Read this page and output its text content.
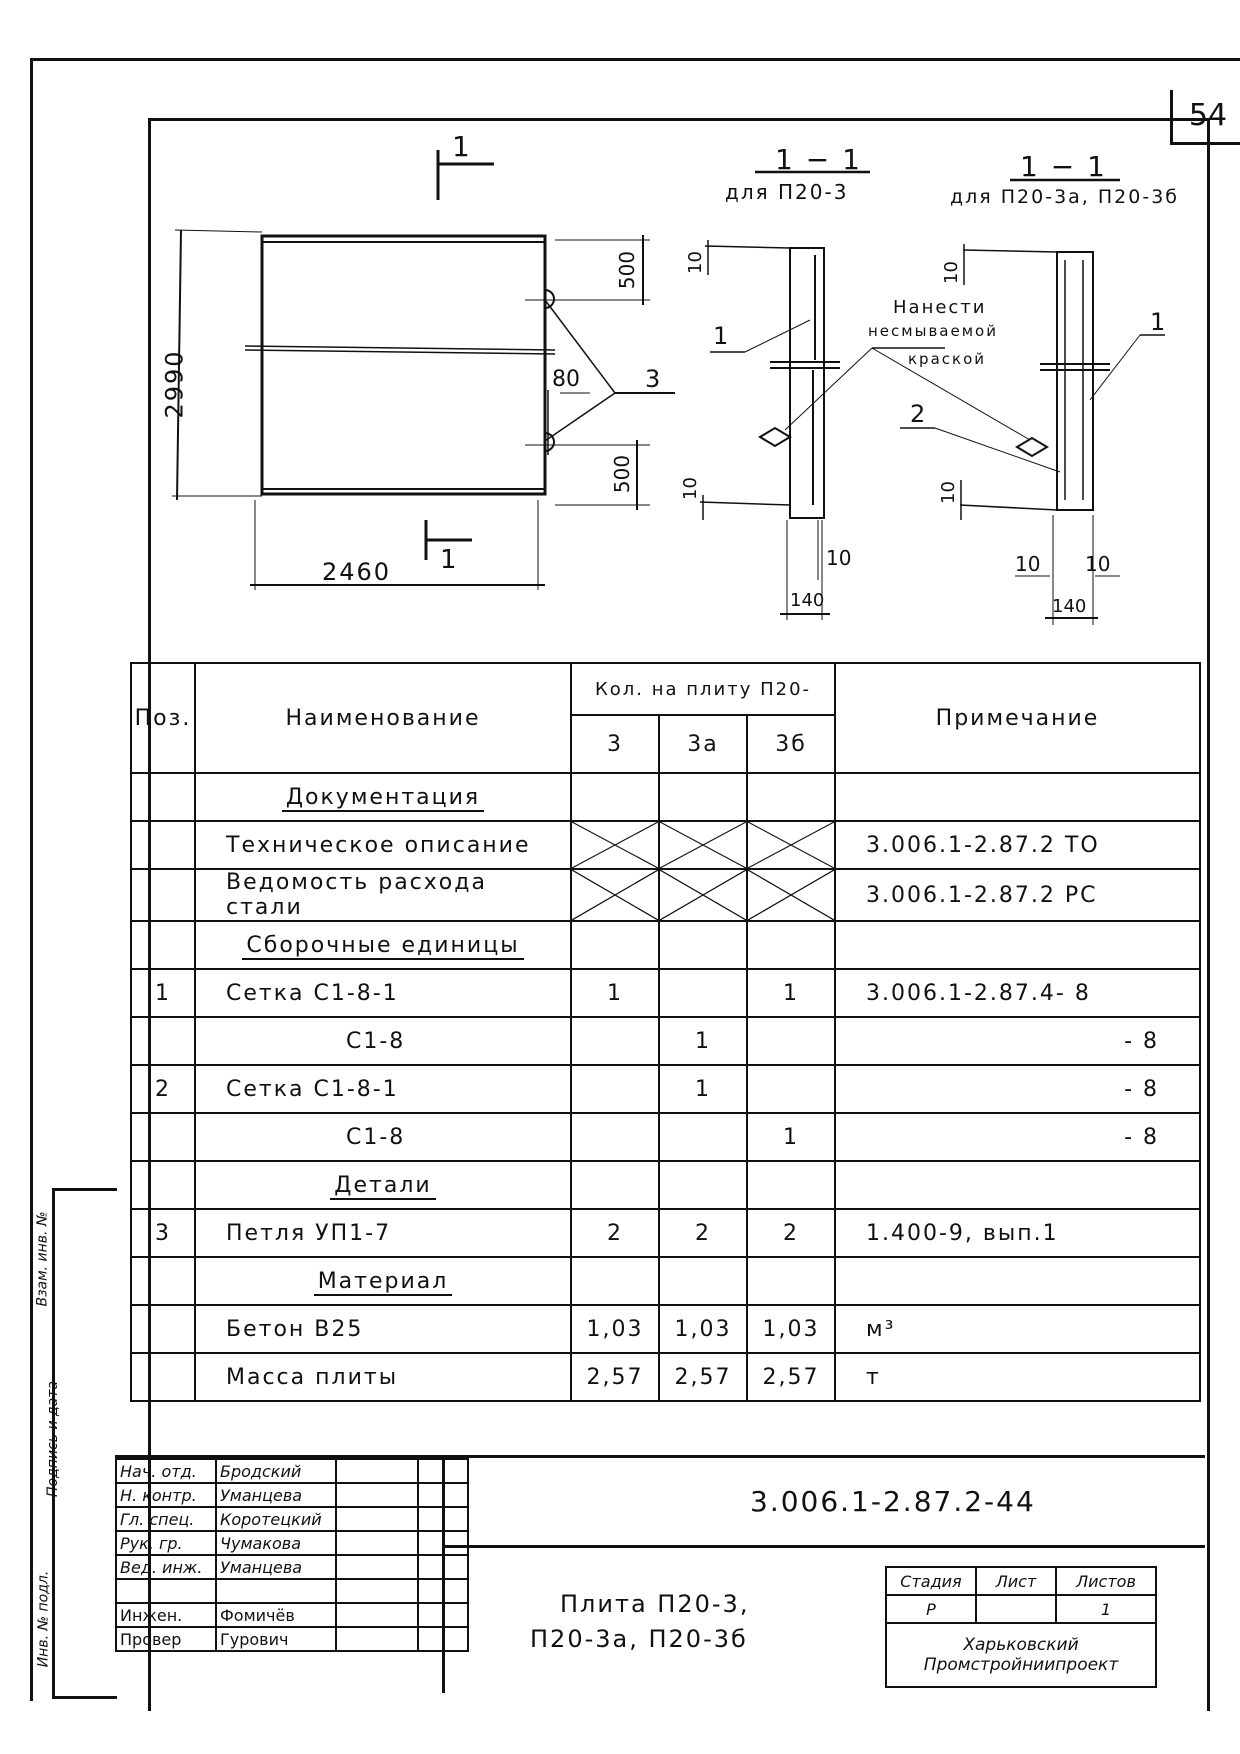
54
1
1
2990
2460
500
500
80	3
1 − 1
для П20-3
10
10
10
140
1
1 − 1
для П20-3а, П20-3б
10
10
10 10
140
1
2
Нанести
несмываемой
краской
Поз.	Наименование	Кол. на плиту П20-			Примечание
		3	3а	3б	
	Документация				
	Техническое описание				3.006.1-2.87.2 ТО
	Ведомость расхода стали				3.006.1-2.87.2 РС
	Сборочные единицы				
1	Сетка С1-8-1	1		1	3.006.1-2.87.4- 8
	С1-8		1		- 8
2	Сетка С1-8-1		1		- 8
	С1-8			1	- 8
	Детали				
3	Петля УП1-7	2	2	2	1.400-9, вып.1
	Материал				
	Бетон В25	1,03	1,03	1,03	м³
	Масса плиты	2,57	2,57	2,57	т
Взам. инв. №
Подпись и дата
Инв. № подл.
Нач. отд.	Бродский		
Н. контр.	Уманцева		
Гл. спец.	Коротецкий		
Рук. гр.	Чумакова		
Вед. инж.	Уманцева		

Инжен.	Фомичёв		
Провер	Гурович		
3.006.1-2.87.2-44
Плита П20-3,
П20-3а, П20-3б
Стадия	Лист	Листов
Р		1

Харьковский
Промстройниипроект		
